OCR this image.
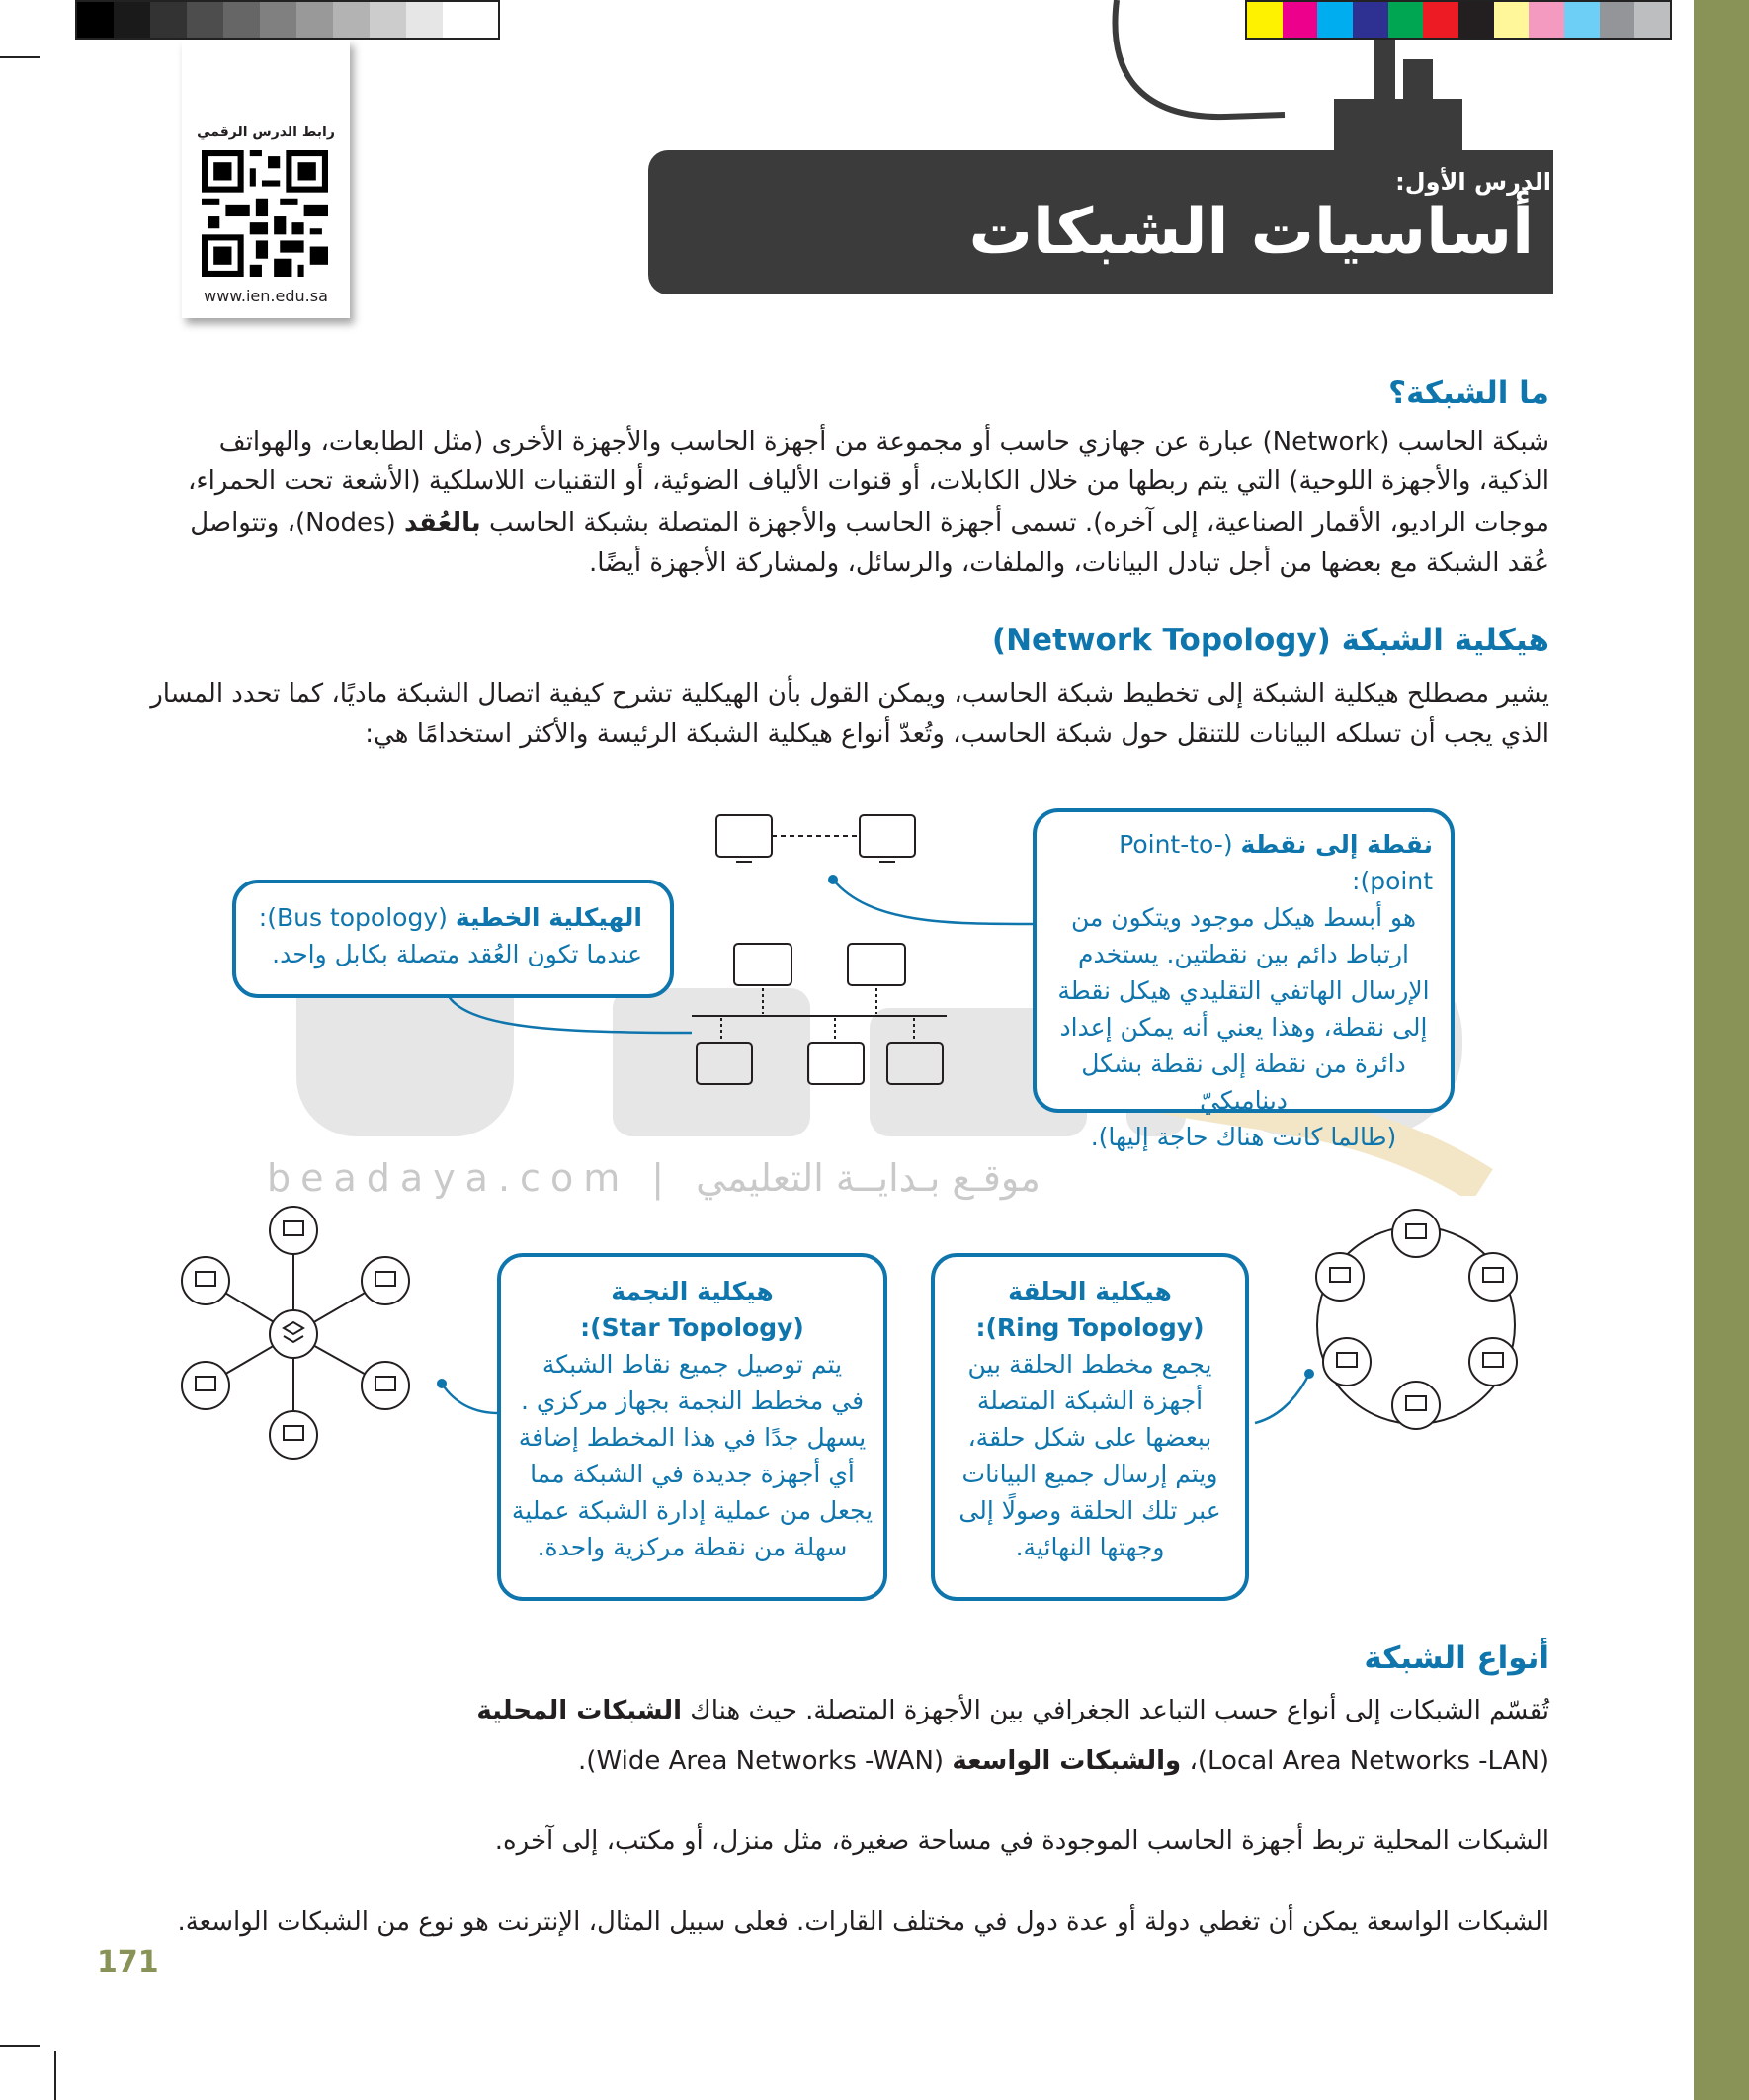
رابط الدرس الرقمي
www.ien.edu.sa
الدرس الأول:
أساسيات الشبكات
ما الشبكة؟
شبكة الحاسب (Network) عبارة عن جهازي حاسب أو مجموعة من أجهزة الحاسب والأجهزة الأخرى (مثل الطابعات، والهواتف
الذكية، والأجهزة اللوحية) التي يتم ربطها من خلال الكابلات، أو قنوات الألياف الضوئية، أو التقنيات اللاسلكية (الأشعة تحت الحمراء،
موجات الراديو، الأقمار الصناعية، إلى آخره). تسمى أجهزة الحاسب والأجهزة المتصلة بشبكة الحاسب بالعُقد (Nodes)، وتتواصل
عُقد الشبكة مع بعضها من أجل تبادل البيانات، والملفات، والرسائل، ولمشاركة الأجهزة أيضًا.
هيكلية الشبكة (Network Topology)
يشير مصطلح هيكلية الشبكة إلى تخطيط شبكة الحاسب، ويمكن القول بأن الهيكلية تشرح كيفية اتصال الشبكة ماديًا، كما تحدد المسار
الذي يجب أن تسلكه البيانات للتنقل حول شبكة الحاسب، وتُعدّ أنواع هيكلية الشبكة الرئيسة والأكثر استخدامًا هي:
beadaya.com | موقـع بـدايــة التعليمي
نقطة إلى نقطة (Point-to-point):
هو أبسط هيكل موجود ويتكون من
ارتباط دائم بين نقطتين. يستخدم
الإرسال الهاتفي التقليدي هيكل نقطة
إلى نقطة، وهذا يعني أنه يمكن إعداد
دائرة من نقطة إلى نقطة بشكل ديناميكيّ
(طالما كانت هناك حاجة إليها).
الهيكلية الخطية (Bus topology):
عندما تكون العُقد متصلة بكابل واحد.
هيكلية الحلقة
(Ring Topology):
يجمع مخطط الحلقة بين
أجهزة الشبكة المتصلة
ببعضها على شكل حلقة،
ويتم إرسال جميع البيانات
عبر تلك الحلقة وصولًا إلى
وجهتها النهائية.
هيكلية النجمة
(Star Topology):
يتم توصيل جميع نقاط الشبكة
في مخطط النجمة بجهاز مركزي .
يسهل جدًا في هذا المخطط إضافة
أي أجهزة جديدة في الشبكة مما
يجعل من عملية إدارة الشبكة عملية
سهلة من نقطة مركزية واحدة.
أنواع الشبكة
تُقسّم الشبكات إلى أنواع حسب التباعد الجغرافي بين الأجهزة المتصلة. حيث هناك الشبكات المحلية
(Local Area Networks -LAN)، والشبكات الواسعة (Wide Area Networks -WAN).
الشبكات المحلية تربط أجهزة الحاسب الموجودة في مساحة صغيرة، مثل منزل، أو مكتب، إلى آخره.
الشبكات الواسعة يمكن أن تغطي دولة أو عدة دول في مختلف القارات. فعلى سبيل المثال، الإنترنت هو نوع من الشبكات الواسعة.
171
